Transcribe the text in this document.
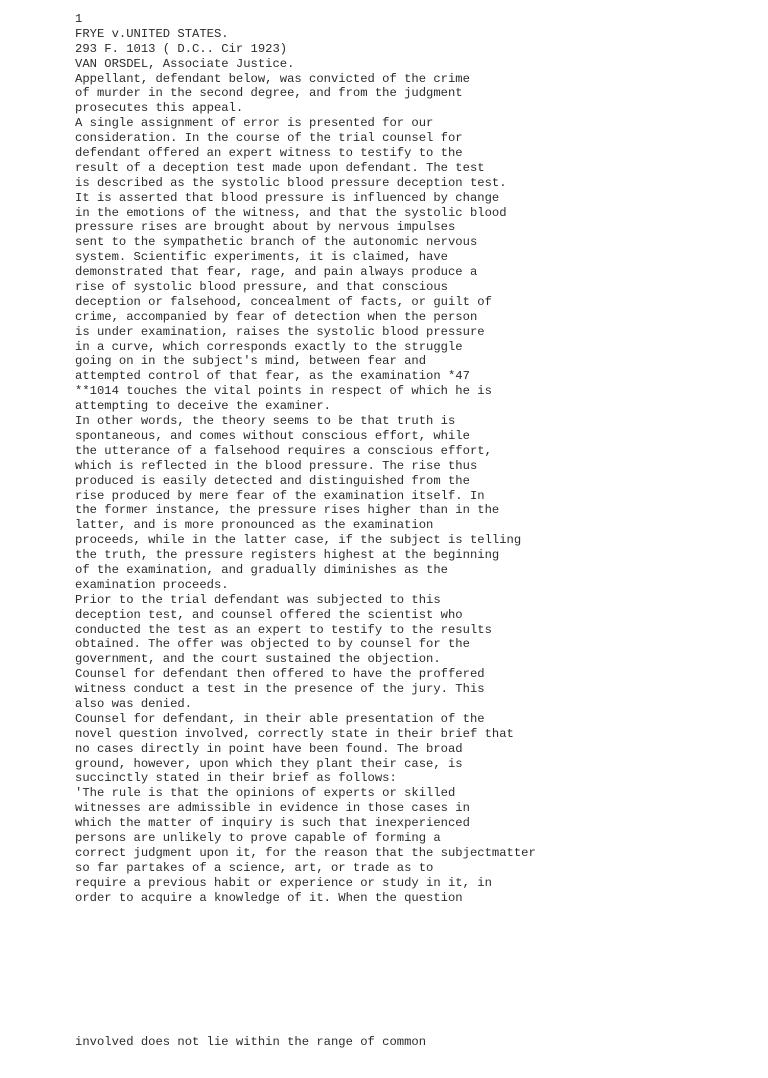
1
FRYE v.UNITED STATES.
293 F. 1013 ( D.C.. Cir 1923)
VAN ORSDEL, Associate Justice.
Appellant, defendant below, was convicted of the crime
of murder in the second degree, and from the judgment
prosecutes this appeal.
A single assignment of error is presented for our
consideration. In the course of the trial counsel for
defendant offered an expert witness to testify to the
result of a deception test made upon defendant. The test
is described as the systolic blood pressure deception test.
It is asserted that blood pressure is influenced by change
in the emotions of the witness, and that the systolic blood
pressure rises are brought about by nervous impulses
sent to the sympathetic branch of the autonomic nervous
system. Scientific experiments, it is claimed, have
demonstrated that fear, rage, and pain always produce a
rise of systolic blood pressure, and that conscious
deception or falsehood, concealment of facts, or guilt of
crime, accompanied by fear of detection when the person
is under examination, raises the systolic blood pressure
in a curve, which corresponds exactly to the struggle
going on in the subject's mind, between fear and
attempted control of that fear, as the examination *47
**1014 touches the vital points in respect of which he is
attempting to deceive the examiner.
In other words, the theory seems to be that truth is
spontaneous, and comes without conscious effort, while
the utterance of a falsehood requires a conscious effort,
which is reflected in the blood pressure. The rise thus
produced is easily detected and distinguished from the
rise produced by mere fear of the examination itself. In
the former instance, the pressure rises higher than in the
latter, and is more pronounced as the examination
proceeds, while in the latter case, if the subject is telling
the truth, the pressure registers highest at the beginning
of the examination, and gradually diminishes as the
examination proceeds.
Prior to the trial defendant was subjected to this
deception test, and counsel offered the scientist who
conducted the test as an expert to testify to the results
obtained. The offer was objected to by counsel for the
government, and the court sustained the objection.
Counsel for defendant then offered to have the proffered
witness conduct a test in the presence of the jury. This
also was denied.
Counsel for defendant, in their able presentation of the
novel question involved, correctly state in their brief that
no cases directly in point have been found. The broad
ground, however, upon which they plant their case, is
succinctly stated in their brief as follows:
'The rule is that the opinions of experts or skilled
witnesses are admissible in evidence in those cases in
which the matter of inquiry is such that inexperienced
persons are unlikely to prove capable of forming a
correct judgment upon it, for the reason that the subjectmatter
so far partakes of a science, art, or trade as to
require a previous habit or experience or study in it, in
order to acquire a knowledge of it. When the question

involved does not lie within the range of common
